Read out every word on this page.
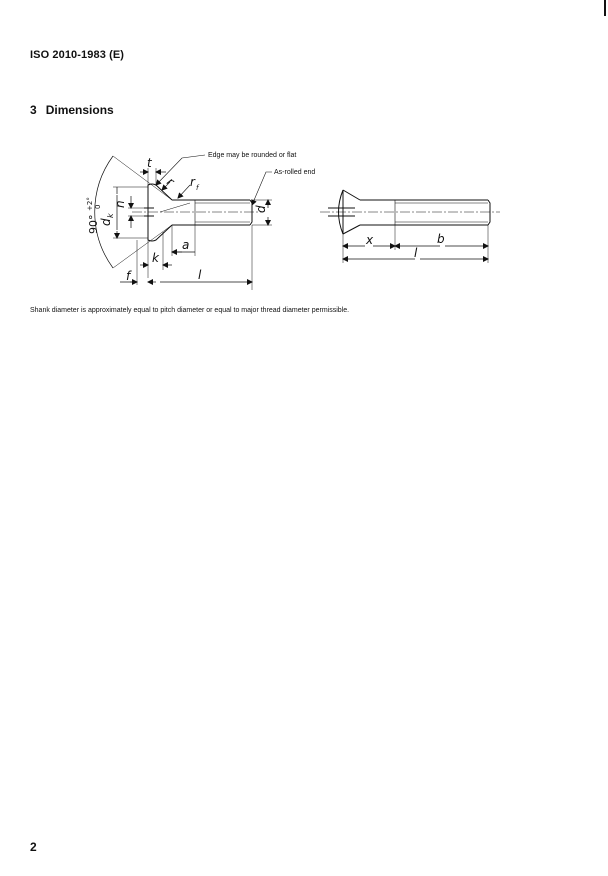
ISO 2010-1983 (E)
3 Dimensions
Edge may be rounded or flat
As-rolled end
t
n
d
k
90°
+2° 0
r f
r
d
a
k
f	l
x	b
l
Shank diameter is approximately equal to pitch diameter or equal to major thread diameter permissible.
2
